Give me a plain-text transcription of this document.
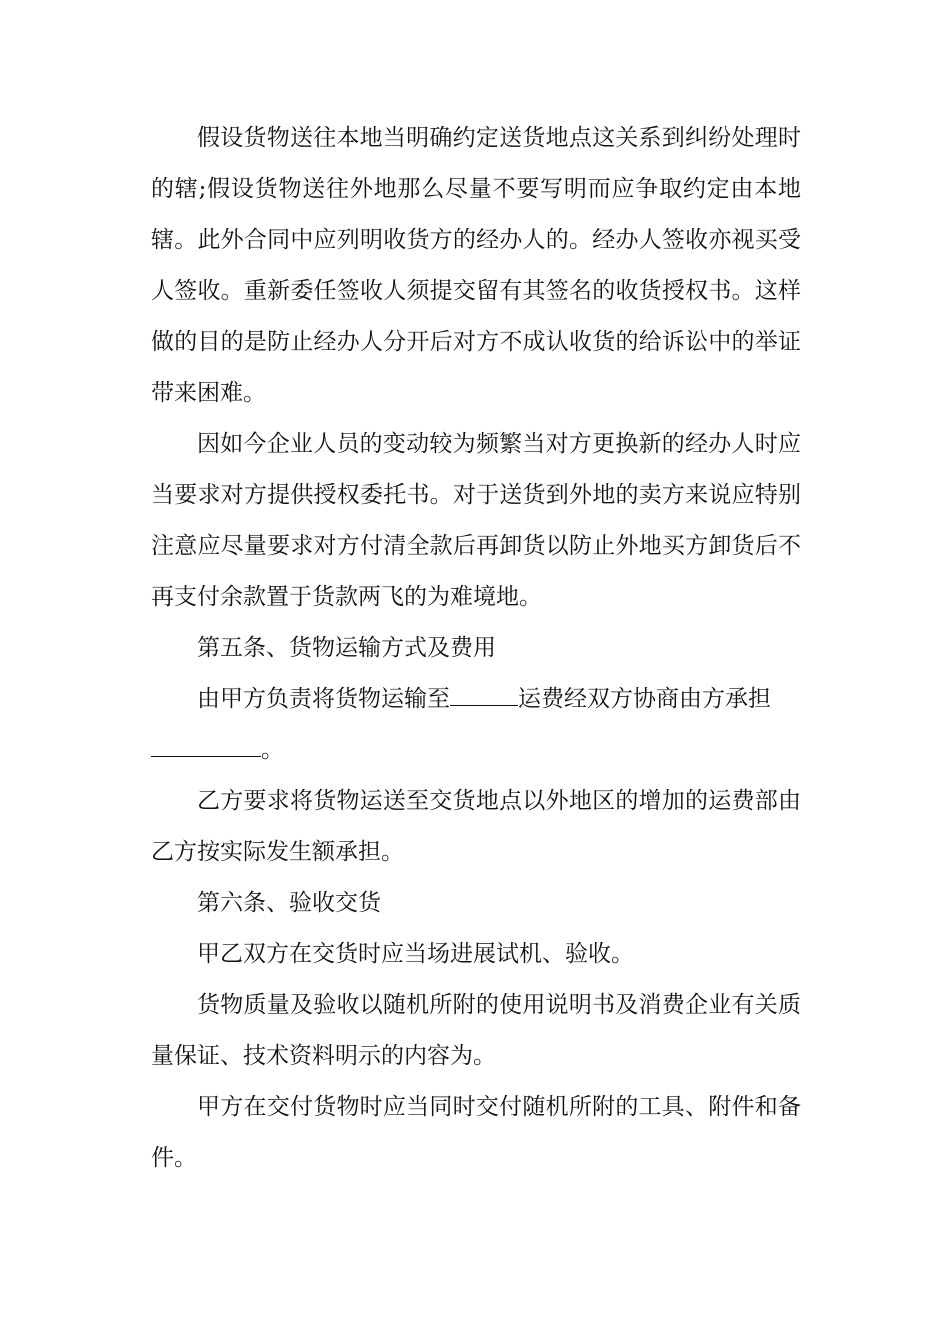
假设货物送往本地当明确约定送货地点这关系到纠纷处理时的辖;假设货物送往外地那么尽量不要写明而应争取约定由本地辖。此外合同中应列明收货方的经办人的。经办人签收亦视买受人签收。重新委任签收人须提交留有其签名的收货授权书。这样做的目的是防止经办人分开后对方不成认收货的给诉讼中的举证带来困难。

因如今企业人员的变动较为频繁当对方更换新的经办人时应当要求对方提供授权委托书。对于送货到外地的卖方来说应特别注意应尽量要求对方付清全款后再卸货以防止外地买方卸货后不再支付余款置于货款两飞的为难境地。

第五条、货物运输方式及费用

由甲方负责将货物运输至	运费经双方协商由方承担
。

乙方要求将货物运送至交货地点以外地区的增加的运费部由乙方按实际发生额承担。

第六条、验收交货

甲乙双方在交货时应当场进展试机、验收。

货物质量及验收以随机所附的使用说明书及消费企业有关质量保证、技术资料明示的内容为。

甲方在交付货物时应当同时交付随机所附的工具、附件和备件。
